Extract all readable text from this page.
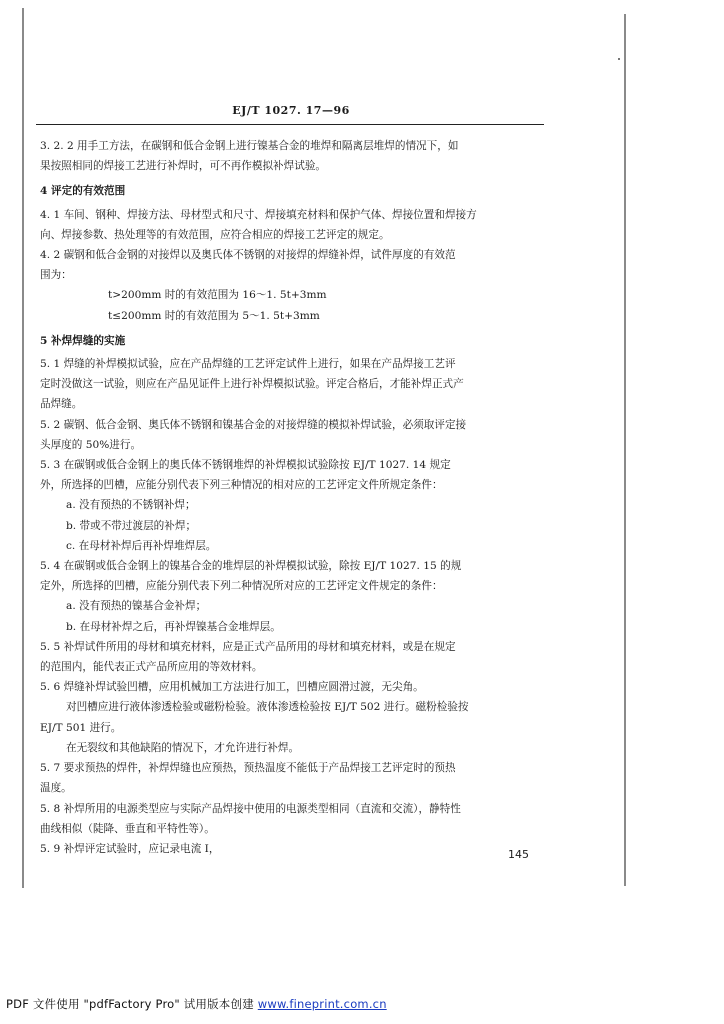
EJ/T 1027. 17—96

3. 2. 2 用手工方法，在碳钢和低合金钢上进行镍基合金的堆焊和隔离层堆焊的情况下，如
果按照相同的焊接工艺进行补焊时，可不再作模拟补焊试验。

4 评定的有效范围

4. 1 车间、钢种、焊接方法、母材型式和尺寸、焊接填充材料和保护气体、焊接位置和焊接方
向、焊接参数、热处理等的有效范围，应符合相应的焊接工艺评定的规定。

4. 2 碳钢和低合金钢的对接焊以及奥氏体不锈钢的对接焊的焊缝补焊，试件厚度的有效范
围为：

t>200mm 时的有效范围为 16～1. 5t+3mm

t≤200mm 时的有效范围为 5～1. 5t+3mm

5 补焊焊缝的实施

5. 1 焊缝的补焊模拟试验，应在产品焊缝的工艺评定试件上进行，如果在产品焊接工艺评
定时没做这一试验，则应在产品见证件上进行补焊模拟试验。评定合格后，才能补焊正式产
品焊缝。

5. 2 碳钢、低合金钢、奥氏体不锈钢和镍基合金的对接焊缝的模拟补焊试验，必须取评定接
头厚度的 50%进行。

5. 3 在碳钢或低合金钢上的奥氏体不锈钢堆焊的补焊模拟试验除按 EJ/T 1027. 14 规定
外，所选择的凹槽，应能分别代表下列三种情况的相对应的工艺评定文件所规定条件：

a. 没有预热的不锈钢补焊；

b. 带或不带过渡层的补焊；

c. 在母材补焊后再补焊堆焊层。

5. 4 在碳钢或低合金钢上的镍基合金的堆焊层的补焊模拟试验，除按 EJ/T 1027. 15 的规
定外，所选择的凹槽，应能分别代表下列二种情况所对应的工艺评定文件规定的条件：

a. 没有预热的镍基合金补焊；

b. 在母材补焊之后，再补焊镍基合金堆焊层。

5. 5 补焊试件所用的母材和填充材料，应是正式产品所用的母材和填充材料，或是在规定
的范围内，能代表正式产品所应用的等效材料。

5. 6 焊缝补焊试验凹槽，应用机械加工方法进行加工，凹槽应圆滑过渡，无尖角。

对凹槽应进行液体渗透检验或磁粉检验。液体渗透检验按 EJ/T 502 进行。磁粉检验按
EJ/T 501 进行。

在无裂纹和其他缺陷的情况下，才允许进行补焊。

5. 7 要求预热的焊件，补焊焊缝也应预热，预热温度不能低于产品焊接工艺评定时的预热
温度。

5. 8 补焊所用的电源类型应与实际产品焊接中使用的电源类型相同（直流和交流），静特性
曲线相似（陡降、垂直和平特性等）。

5. 9 补焊评定试验时，应记录电流 I，	145
PDF 文件使用 "pdfFactory Pro" 试用版本创建 www.fineprint.com.cn
